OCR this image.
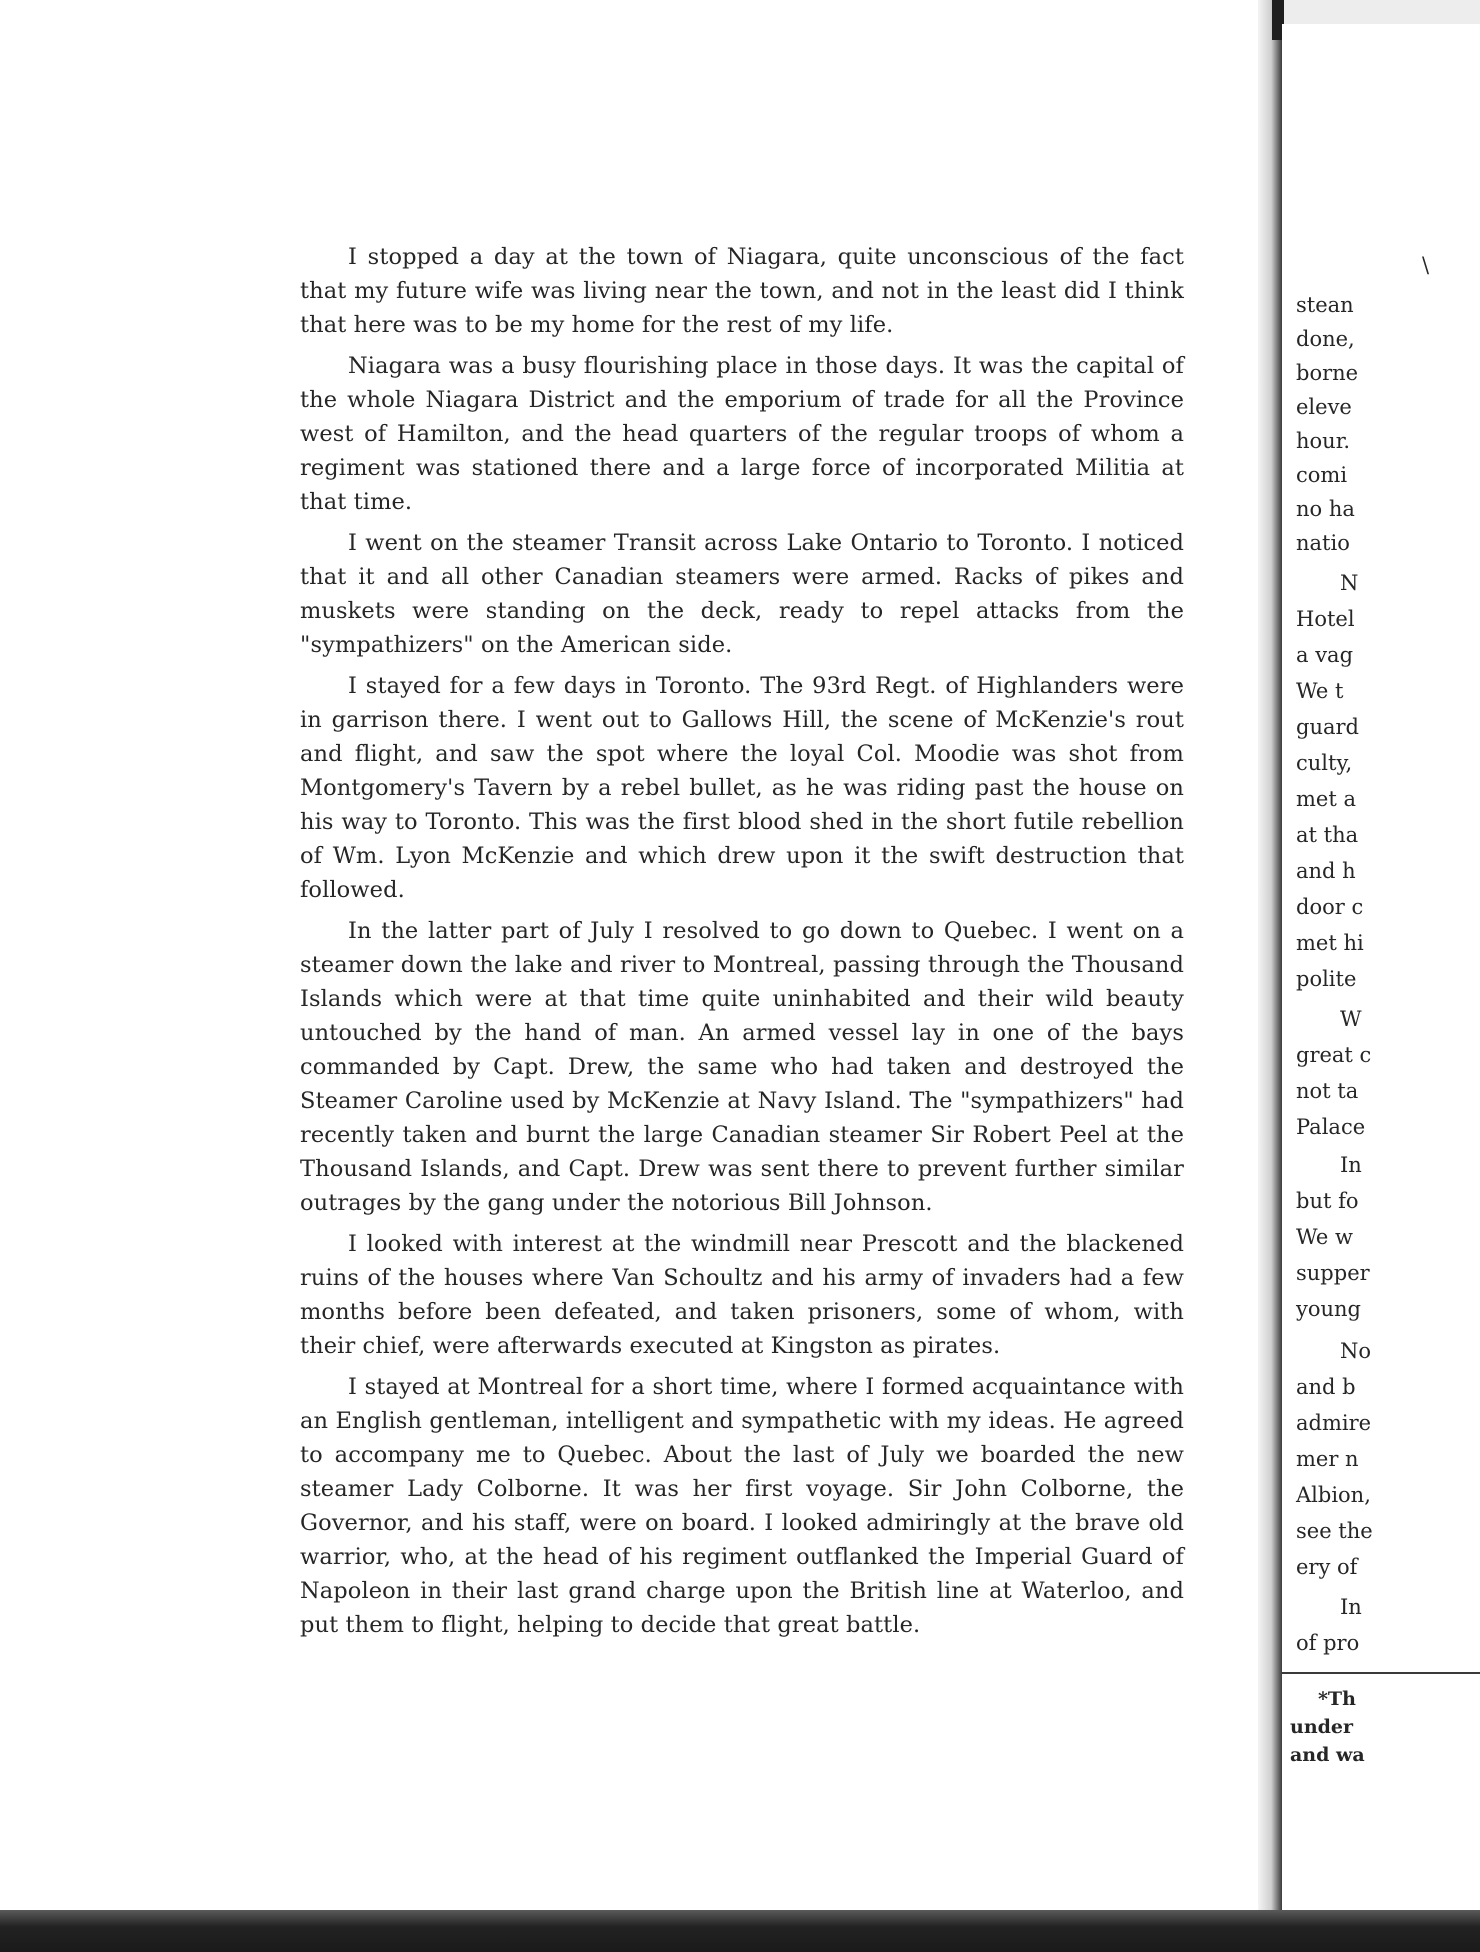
I stopped a day at the town of Niagara, quite unconscious of the fact that my future wife was living near the town, and not in the least did I think that here was to be my home for the rest of my life.

Niagara was a busy flourishing place in those days. It was the capital of the whole Niagara District and the emporium of trade for all the Province west of Hamilton, and the head quarters of the regular troops of whom a regiment was stationed there and a large force of incorporated Militia at that time.

I went on the steamer Transit across Lake Ontario to Toronto. I noticed that it and all other Canadian steamers were armed. Racks of pikes and muskets were standing on the deck, ready to repel attacks from the "sympathizers" on the American side.

I stayed for a few days in Toronto. The 93rd Regt. of Highlanders were in garrison there. I went out to Gallows Hill, the scene of McKenzie's rout and flight, and saw the spot where the loyal Col. Moodie was shot from Montgomery's Tavern by a rebel bullet, as he was riding past the house on his way to Toronto. This was the first blood shed in the short futile rebellion of Wm. Lyon McKenzie and which drew upon it the swift destruction that followed.

In the latter part of July I resolved to go down to Quebec. I went on a steamer down the lake and river to Montreal, passing through the Thousand Islands which were at that time quite uninhabited and their wild beauty untouched by the hand of man. An armed vessel lay in one of the bays commanded by Capt. Drew, the same who had taken and destroyed the Steamer Caroline used by McKenzie at Navy Island. The "sympathizers" had recently taken and burnt the large Canadian steamer Sir Robert Peel at the Thousand Islands, and Capt. Drew was sent there to prevent further similar outrages by the gang under the notorious Bill Johnson.

I looked with interest at the windmill near Prescott and the blackened ruins of the houses where Van Schoultz and his army of invaders had a few months before been defeated, and taken prisoners, some of whom, with their chief, were afterwards executed at Kingston as pirates.

I stayed at Montreal for a short time, where I formed acquaintance with an English gentleman, intelligent and sympathetic with my ideas. He agreed to accompany me to Quebec. About the last of July we boarded the new steamer Lady Colborne. It was her first voyage. Sir John Colborne, the Governor, and his staff, were on board. I looked admiringly at the brave old warrior, who, at the head of his regiment outflanked the Imperial Guard of Napoleon in their last grand charge upon the British line at Waterloo, and put them to flight, helping to decide that great battle.

\
stean
done,
borne
eleve
hour.
comi
no ha
natio
N
Hotel
a vag
We t
guard
culty,
met a
at tha
and h
door c
met hi
polite
W
great c
not ta
Palace
In
but fo
We w
supper
young
No
and b
admire
mer n
Albion,
see the
ery of
In
of pro
*Th
under
and wa
